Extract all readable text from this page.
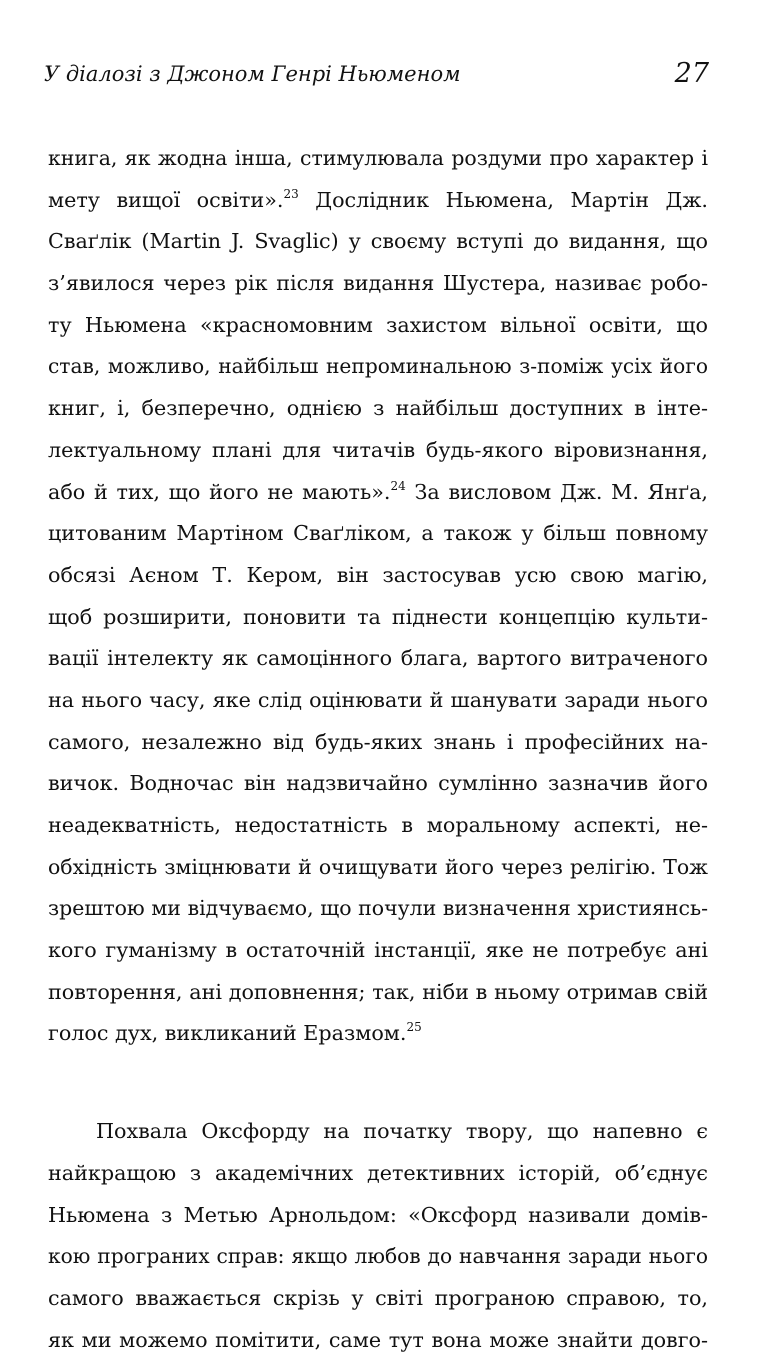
У діалозі з Джоном Генрі Ньюменом	27
книга, як жодна інша, стимулювала роздуми про характер і
мету вищої освіти».$^{23}$ Дослідник Ньюмена, Мартін Дж.
Сваґлік (Martin J. Svaglic) у своєму вступі до видання, що
з’явилося через рік після видання Шустера, називає робо-
ту Ньюмена «красномовним захистом вільної освіти, що
став, можливо, найбільш непроминальною з-поміж усіх його
книг, і, безперечно, однією з найбільш доступних в інте-
лектуальному плані для читачів будь-якого віровизнання,
або й тих, що його не мають».$^{24}$ За висловом Дж. М. Янґа,
цитованим Мартіном Сваґліком, а також у більш повному
обсязі Аєном Т. Кером, він застосував усю свою магію,
щоб розширити, поновити та піднести концепцію культи-
вації інтелекту як самоцінного блага, вартого витраченого
на нього часу, яке слід оцінювати й шанувати заради нього
самого, незалежно від будь-яких знань і професійних на-
вичок. Водночас він надзвичайно сумлінно зазначив його
неадекватність, недостатність в моральному аспекті, не-
обхідність зміцнювати й очищувати його через релігію. Тож
зрештою ми відчуваємо, що почули визначення християнсь-
кого гуманізму в остаточній інстанції, яке не потребує ані
повторення, ані доповнення; так, ніби в ньому отримав свій
голос дух, викликаний Еразмом.$^{25}$
Похвала Оксфорду на початку твору, що напевно є
найкращою з академічних детективних історій, об’єднує
Ньюмена з Метью Арнольдом: «Оксфорд називали домів-
кою програних справ: якщо любов до навчання заради нього
самого вважається скрізь у світі програною справою, то,
як ми можемо помітити, саме тут вона може знайти довго-
